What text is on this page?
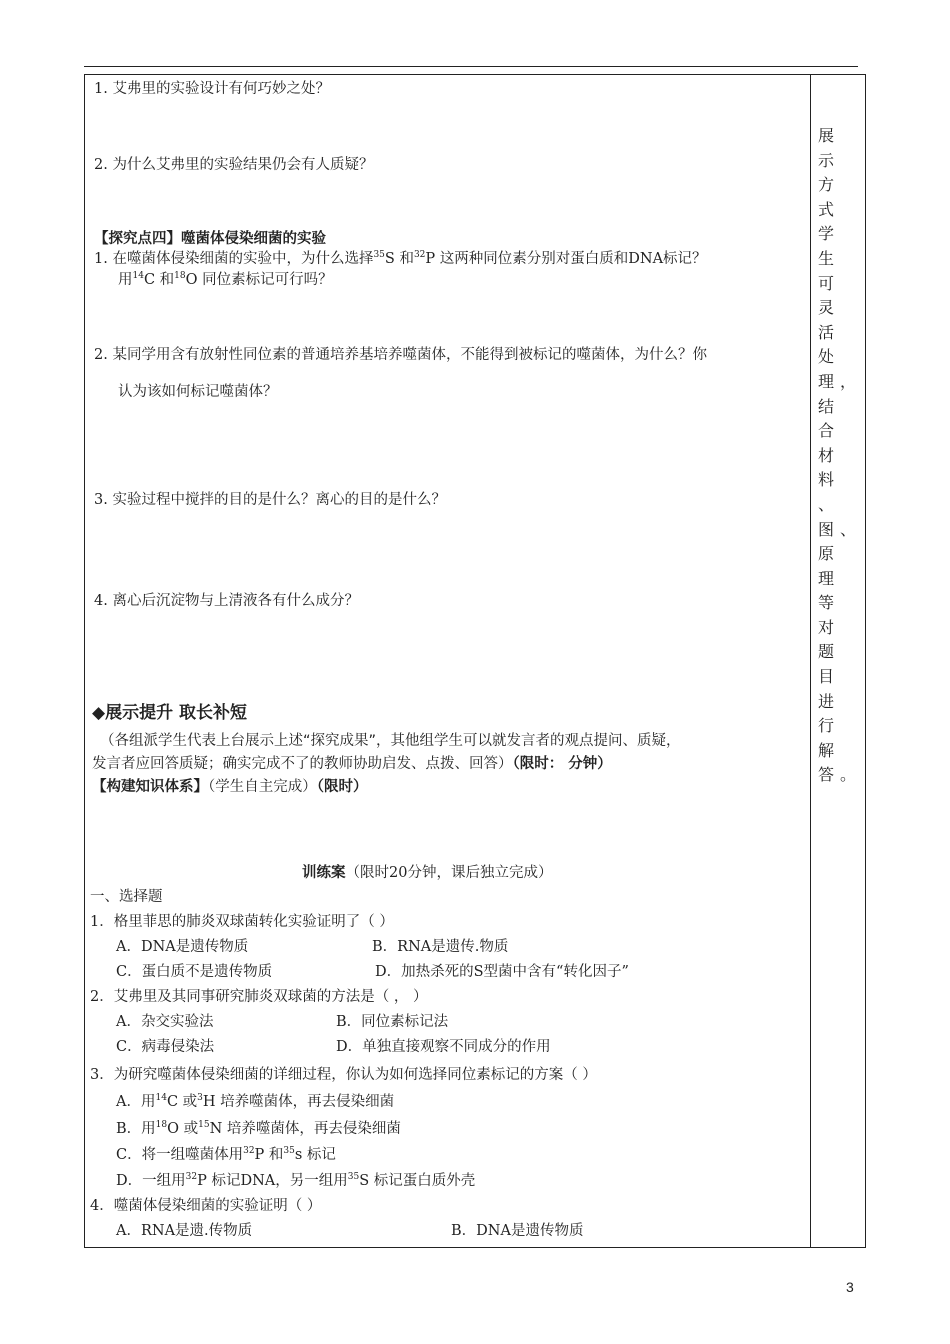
展示
方式
学生
可灵
活处
理，
结合
材料
、
图、
原理
等对
题目
进行
解
答。
1. 艾弗里的实验设计有何巧妙之处？
2. 为什么艾弗里的实验结果仍会有人质疑？
【探究点四】噬菌体侵染细菌的实验
1. 在噬菌体侵染细菌的实验中，为什么选择$^{35}$S 和$^{32}$P 这两种同位素分别对蛋白质和DNA标记？
用$^{14}$C 和$^{18}$O 同位素标记可行吗？
2. 某同学用含有放射性同位素的普通培养基培养噬菌体，不能得到被标记的噬菌体，为什么？你
认为该如何标记噬菌体？
3. 实验过程中搅拌的目的是什么？离心的目的是什么？
4. 离心后沉淀物与上清液各有什么成分？
◆展示提升 取长补短
（各组派学生代表上台展示上述“探究成果”，其他组学生可以就发言者的观点提问、质疑，
发言者应回答质疑；确实完成不了的教师协助启发、点拨、回答）（限时： 分钟）
【构建知识体系】（学生自主完成）（限时）
训练案（限时20分钟，课后独立完成）
一、选择题
1．格里菲思的肺炎双球菌转化实验证明了（ ）
A．DNA是遗传物质	B．RNA是遗传.物质
C．蛋白质不是遗传物质	D．加热杀死的S型菌中含有“转化因子”
2．艾弗里及其同事研究肺炎双球菌的方法是（ ， ）
A．杂交实验法	B．同位素标记法
C．病毒侵染法	D．单独直接观察不同成分的作用
3．为研究噬菌体侵染细菌的详细过程，你认为如何选择同位素标记的方案（ ）
A．用$^{14}$C 或$^3$H 培养噬菌体，再去侵染细菌
B．用$^{18}$O 或$^{15}$N 培养噬菌体，再去侵染细菌
C．将一组噬菌体用$^{32}$P 和$^{35}$s 标记
D．一组用$^{32}$P 标记DNA，另一组用$^{35}$S 标记蛋白质外壳
4．噬菌体侵染细菌的实验证明（ ）
A．RNA是遗.传物质	B．DNA是遗传物质
3
